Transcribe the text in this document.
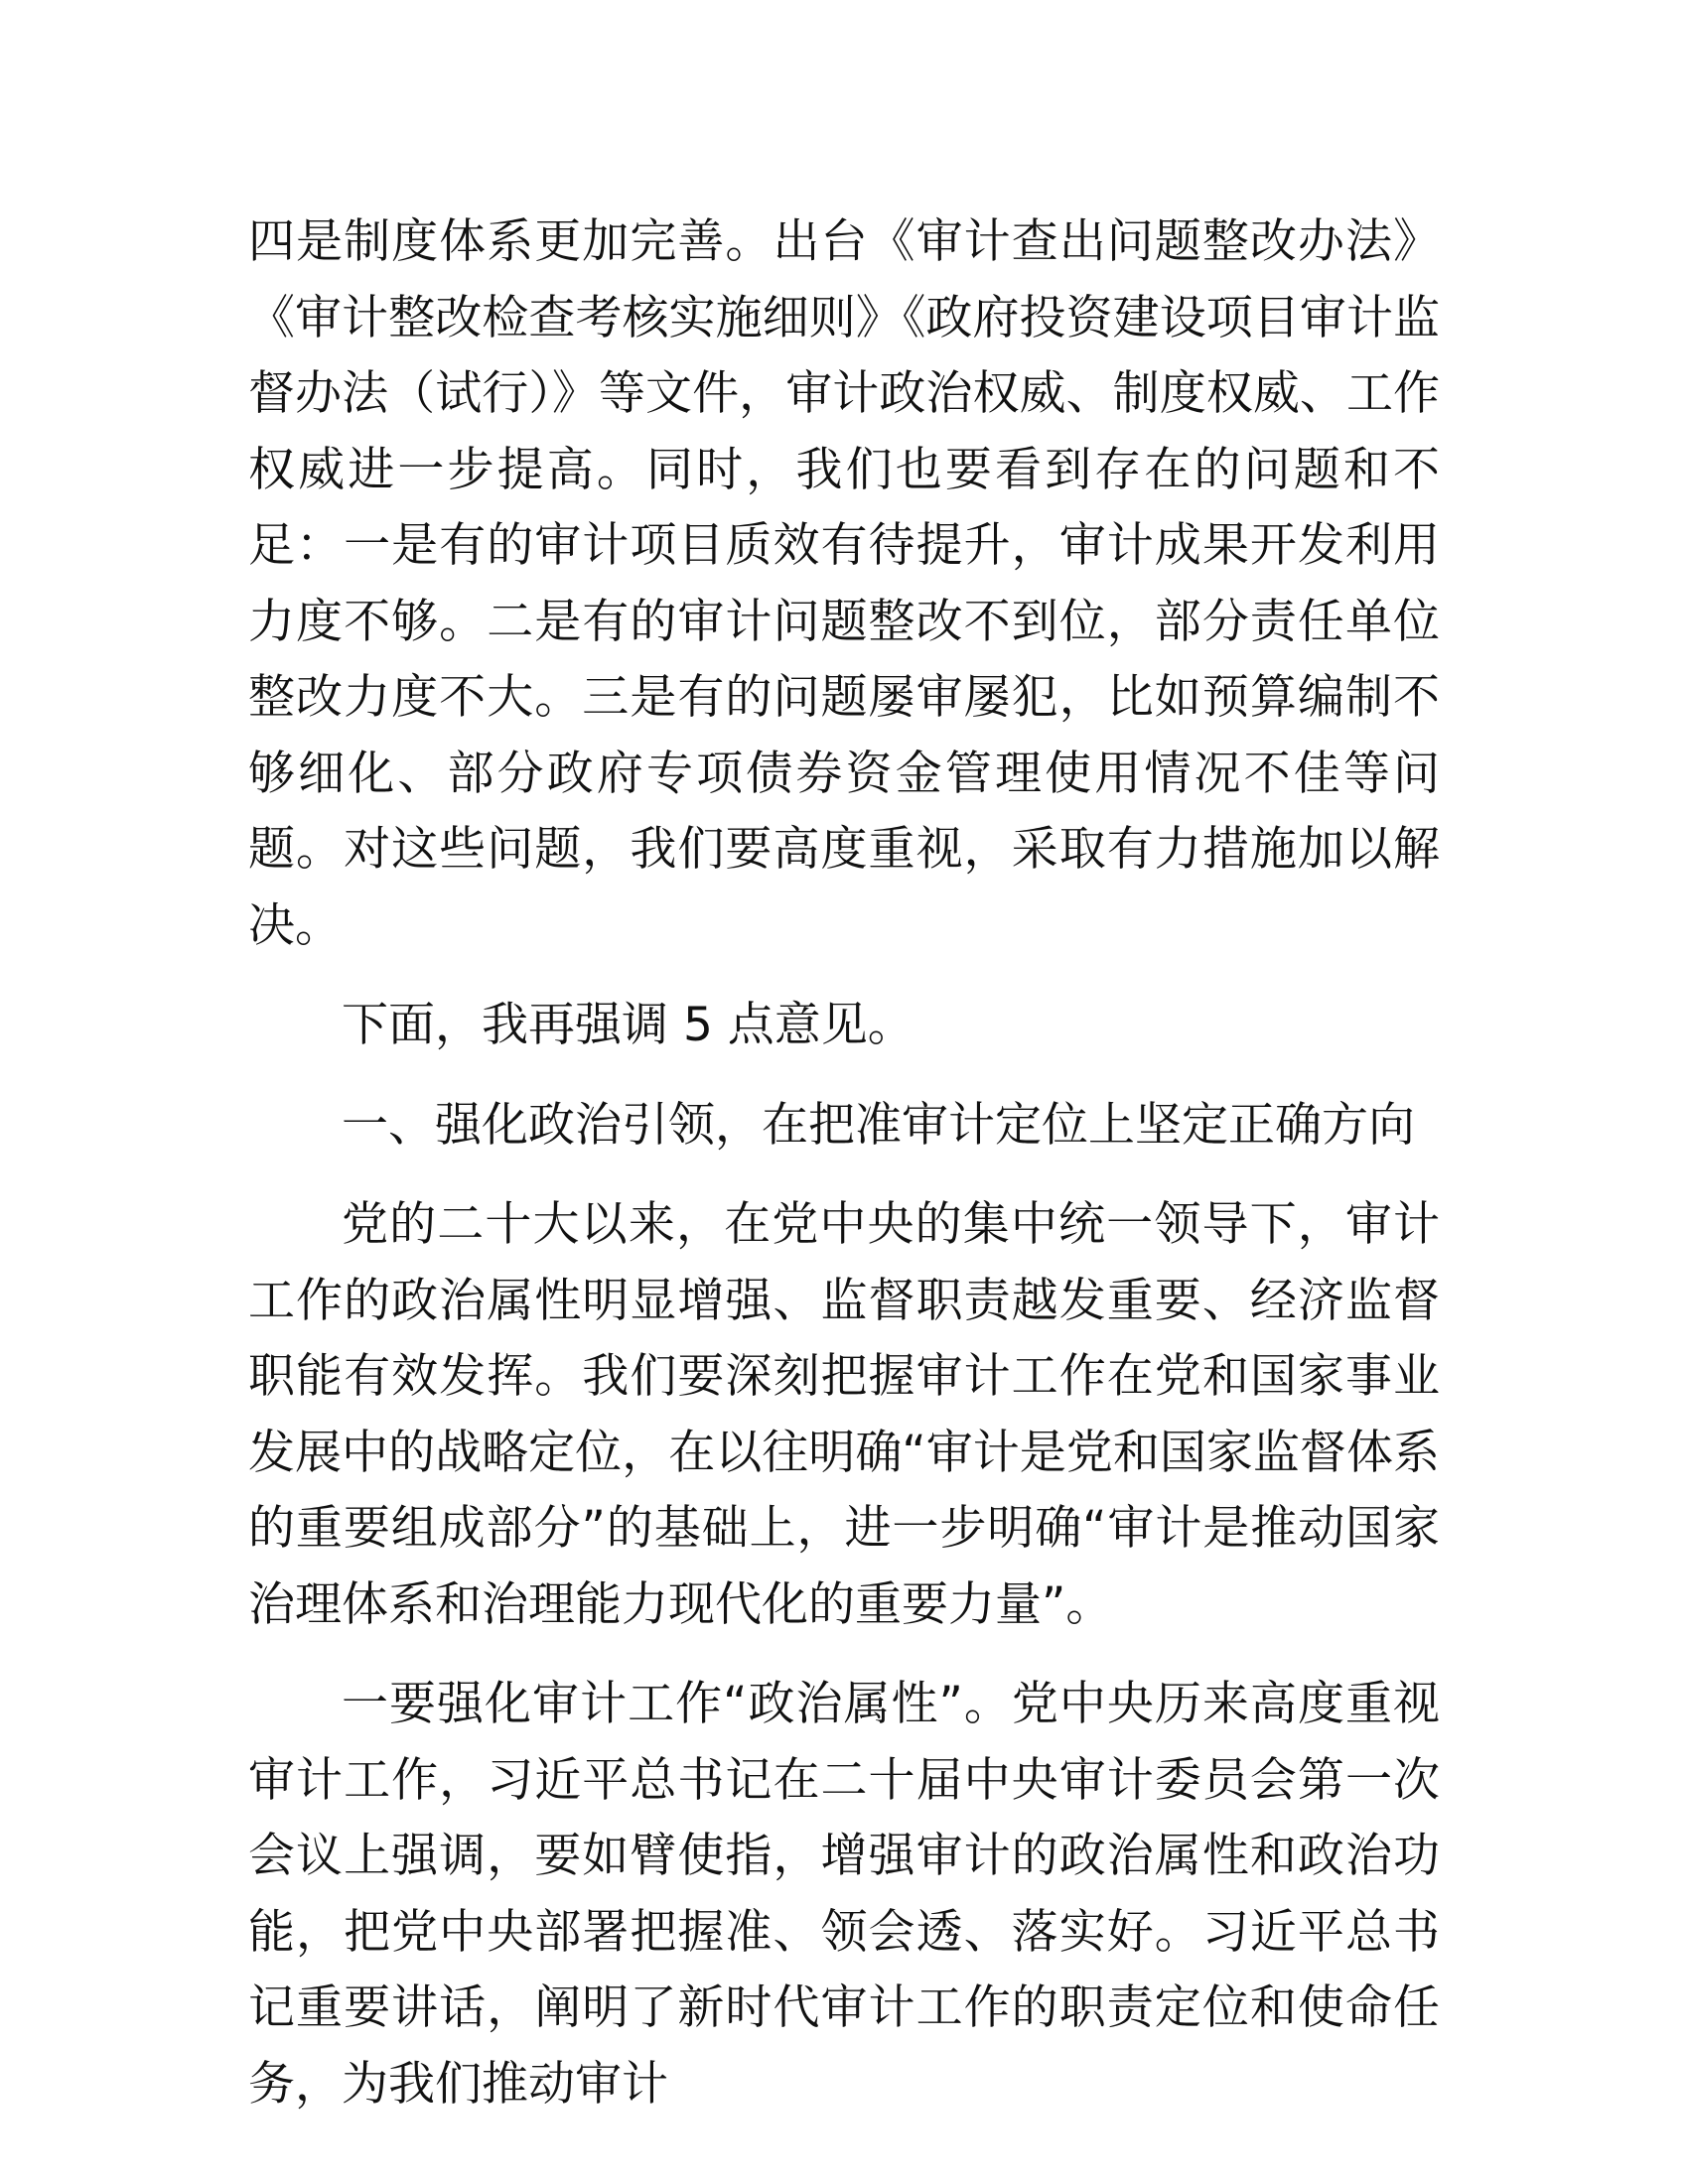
四是制度体系更加完善。出台《审计查出问题整改办法》《审计整改检查考核实施细则》《政府投资建设项目审计监督办法（试行）》等文件，审计政治权威、制度权威、工作权威进一步提高。同时，我们也要看到存在的问题和不足：一是有的审计项目质效有待提升，审计成果开发利用力度不够。二是有的审计问题整改不到位，部分责任单位整改力度不大。三是有的问题屡审屡犯，比如预算编制不够细化、部分政府专项债券资金管理使用情况不佳等问题。对这些问题，我们要高度重视，采取有力措施加以解决。

下面，我再强调 5 点意见。

一、强化政治引领，在把准审计定位上坚定正确方向

党的二十大以来，在党中央的集中统一领导下，审计工作的政治属性明显增强、监督职责越发重要、经济监督职能有效发挥。我们要深刻把握审计工作在党和国家事业发展中的战略定位，在以往明确“审计是党和国家监督体系的重要组成部分”的基础上，进一步明确“审计是推动国家治理体系和治理能力现代化的重要力量”。

一要强化审计工作“政治属性”。党中央历来高度重视审计工作，习近平总书记在二十届中央审计委员会第一次会议上强调，要如臂使指，增强审计的政治属性和政治功能，把党中央部署把握准、领会透、落实好。习近平总书记重要讲话，阐明了新时代审计工作的职责定位和使命任务，为我们推动审计
